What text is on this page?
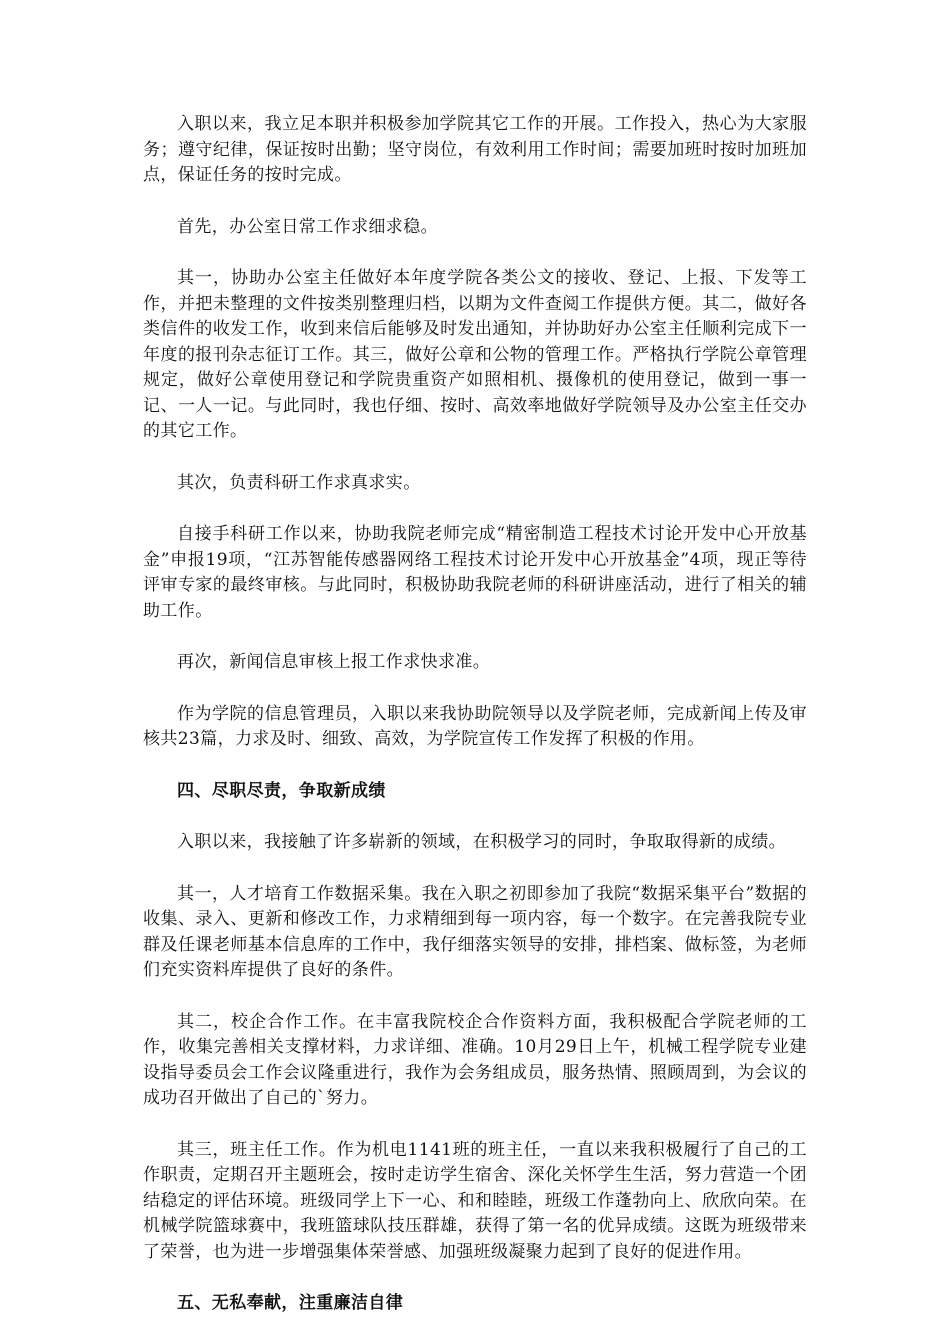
入职以来，我立足本职并积极参加学院其它工作的开展。工作投入，热心为大家服务；遵守纪律，保证按时出勤；坚守岗位，有效利用工作时间；需要加班时按时加班加点，保证任务的按时完成。

首先，办公室日常工作求细求稳。

其一，协助办公室主任做好本年度学院各类公文的接收、登记、上报、下发等工作，并把未整理的文件按类别整理归档，以期为文件查阅工作提供方便。其二，做好各类信件的收发工作，收到来信后能够及时发出通知，并协助好办公室主任顺利完成下一年度的报刊杂志征订工作。其三，做好公章和公物的管理工作。严格执行学院公章管理规定，做好公章使用登记和学院贵重资产如照相机、摄像机的使用登记，做到一事一记、一人一记。与此同时，我也仔细、按时、高效率地做好学院领导及办公室主任交办的其它工作。

其次，负责科研工作求真求实。

自接手科研工作以来，协助我院老师完成“精密制造工程技术讨论开发中心开放基金”申报19项，“江苏智能传感器网络工程技术讨论开发中心开放基金”4项，现正等待评审专家的最终审核。与此同时，积极协助我院老师的科研讲座活动，进行了相关的辅助工作。

再次，新闻信息审核上报工作求快求准。

作为学院的信息管理员，入职以来我协助院领导以及学院老师，完成新闻上传及审核共23篇，力求及时、细致、高效，为学院宣传工作发挥了积极的作用。

四、尽职尽责，争取新成绩

入职以来，我接触了许多崭新的领域，在积极学习的同时，争取取得新的成绩。

其一，人才培育工作数据采集。我在入职之初即参加了我院“数据采集平台”数据的收集、录入、更新和修改工作，力求精细到每一项内容，每一个数字。在完善我院专业群及任课老师基本信息库的工作中，我仔细落实领导的安排，排档案、做标签，为老师们充实资料库提供了良好的条件。

其二，校企合作工作。在丰富我院校企合作资料方面，我积极配合学院老师的工作，收集完善相关支撑材料，力求详细、准确。10月29日上午，机械工程学院专业建设指导委员会工作会议隆重进行，我作为会务组成员，服务热情、照顾周到，为会议的成功召开做出了自己的`努力。

其三，班主任工作。作为机电1141班的班主任，一直以来我积极履行了自己的工作职责，定期召开主题班会，按时走访学生宿舍、深化关怀学生生活，努力营造一个团结稳定的评估环境。班级同学上下一心、和和睦睦，班级工作蓬勃向上、欣欣向荣。在机械学院篮球赛中，我班篮球队技压群雄，获得了第一名的优异成绩。这既为班级带来了荣誉，也为进一步增强集体荣誉感、加强班级凝聚力起到了良好的促进作用。

五、无私奉献，注重廉洁自律
